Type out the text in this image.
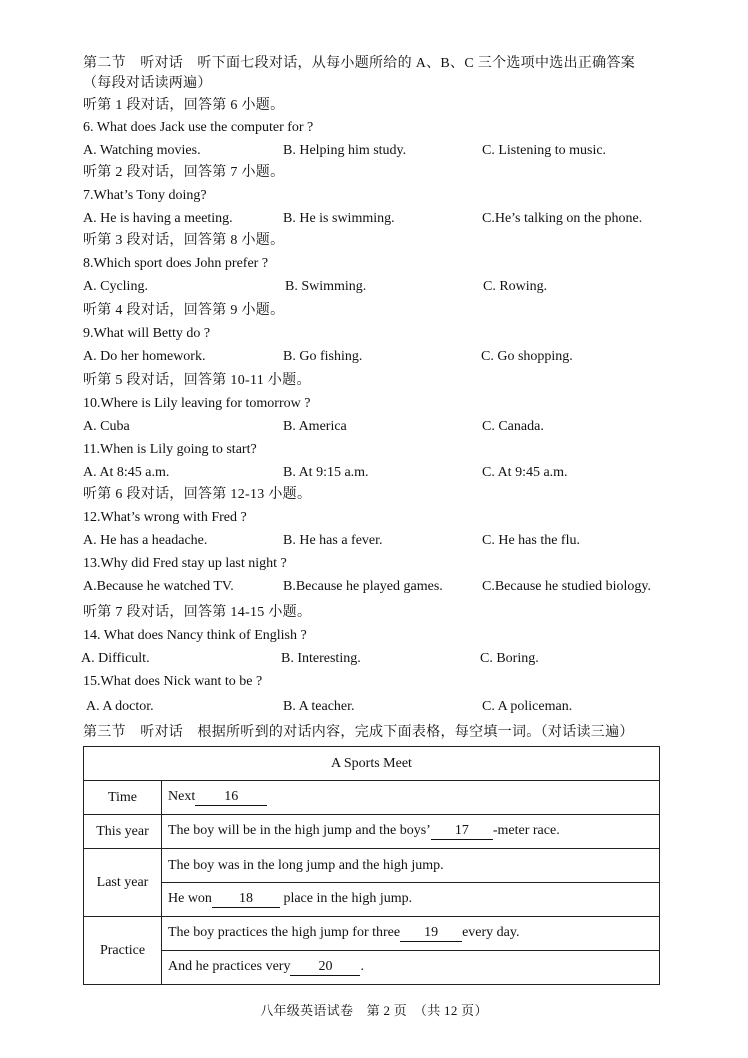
第二节　听对话　听下面七段对话，从每小题所给的 A、B、C 三个选项中选出正确答案
（每段对话读两遍）
听第 1 段对话，回答第 6 小题。
6. What does Jack use the computer for ?
A. Watching movies.	B. Helping him study.	C. Listening to music.
听第 2 段对话，回答第 7 小题。
7.What’s Tony doing?
A. He is having a meeting.	B. He is swimming.	C.He’s talking on the phone.
听第 3 段对话，回答第 8 小题。
8.Which sport does John prefer ?
A. Cycling.	B. Swimming.	C. Rowing.
听第 4 段对话，回答第 9 小题。
9.What will Betty do ?
A. Do her homework.	B. Go fishing.	C. Go shopping.
听第 5 段对话，回答第 10-11 小题。
10.Where is Lily leaving for tomorrow ?
A. Cuba	B. America	C. Canada.
11.When is Lily going to start?
A. At 8:45 a.m.	B. At 9:15 a.m.	C. At 9:45 a.m.
听第 6 段对话，回答第 12-13 小题。
12.What’s wrong with Fred ?
A. He has a headache.	B. He has a fever.	C. He has the flu.
13.Why did Fred stay up last night ?
A.Because he watched TV.	B.Because he played games.	C.Because he studied biology.
听第 7 段对话，回答第 14-15 小题。
14. What does Nancy think of English ?
A. Difficult.	B. Interesting.	C. Boring.
15.What does Nick want to be ?
A. A doctor.	B. A teacher.	C. A policeman.
第三节　听对话　根据所听到的对话内容，完成下面表格，每空填一词。（对话读三遍）
A Sports Meet	
Time	Next 16
This year	The boy will be in the high jump and the boys’ 17 -meter race.
Last year	The boy was in the long jump and the high jump.
	He won 18 place in the high jump.
Practice	The boy practices the high jump for three 19 every day.
	And he practices very 20 .
八年级英语试卷　第 2 页　（共 12 页）
